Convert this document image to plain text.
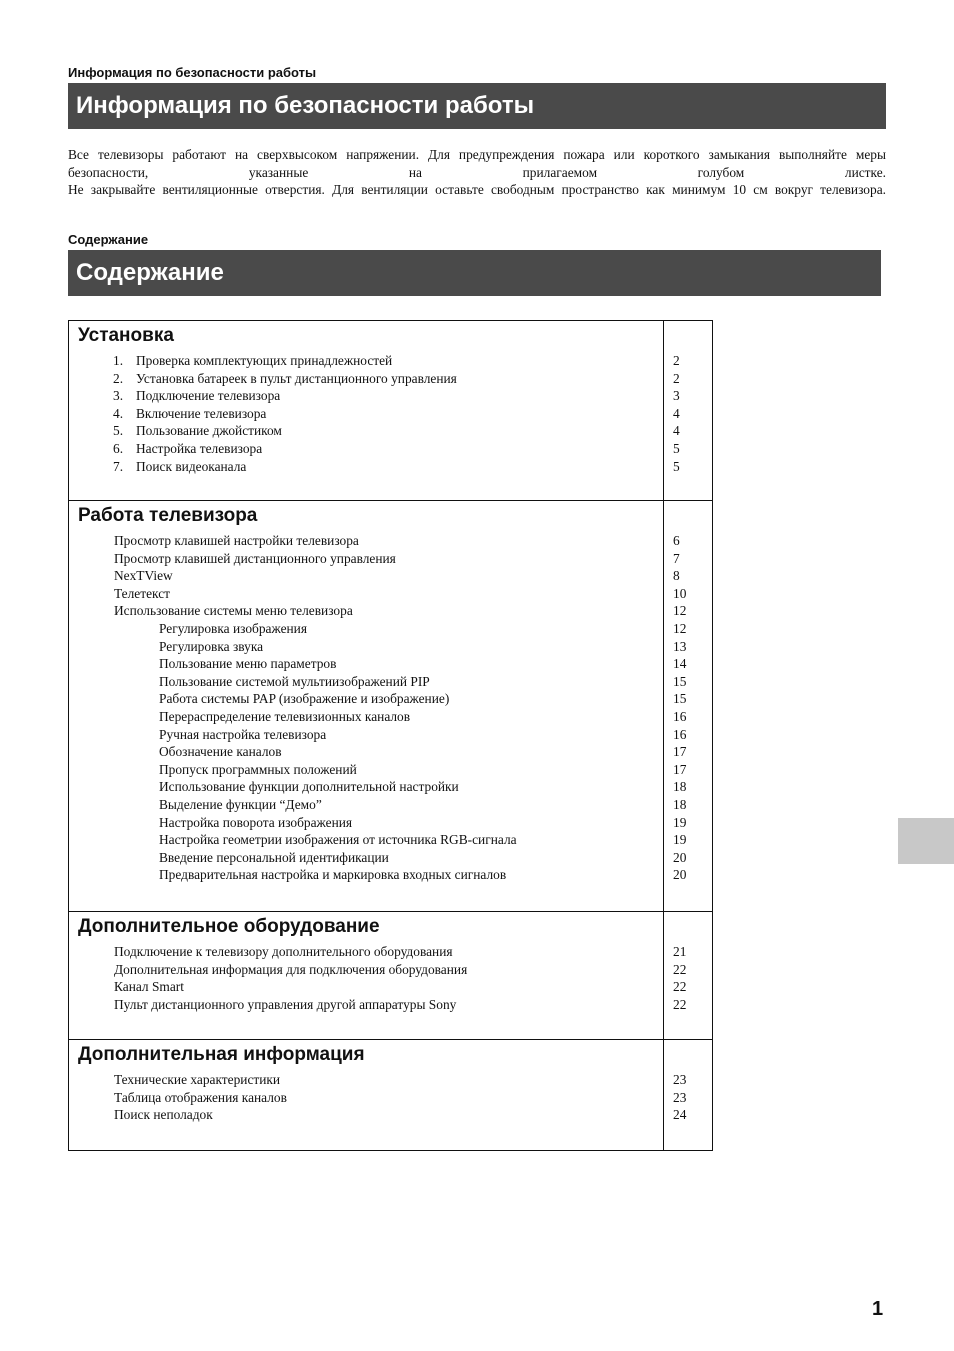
Информация по безопасности работы
Информация по безопасности работы

Все телевизоры работают на сверхвысоком напряжении. Для предупреждения пожара или короткого замыкания выполняйте меры безопасности, указанные на прилагаемом голубом листке.

Не закрывайте вентиляционные отверстия. Для вентиляции оставьте свободным пространство как минимум 10 см вокруг телевизора.

Содержание
Содержание
Установка
1. Проверка комплектующих принадлежностей	2
2. Установка батареек в пульт дистанционного управления	2
3. Подключение телевизора	3
4. Включение телевизора	4
5. Пользование джойстиком	4
6. Настройка телевизора	5
7. Поиск видеоканала	5
Работа телевизора
Просмотр клавишей настройки телевизора	6
Просмотр клавишей дистанционного управления	7
NexTView	8
Телетекст	10
Использование системы меню телевизора	12
Регулировка изображения	12
Регулировка звука	13
Пользование меню параметров	14
Пользование системой мультиизображений PIP	15
Работа системы PAP (изображение и изображение)	15
Перераспределение телевизионных каналов	16
Ручная настройка телевизора	16
Обозначение каналов	17
Пропуск программных положений	17
Использование функции дополнительной настройки	18
Выделение функции “Демо”	18
Настройка поворота изображения	19
Настройка геометрии изображения от источника RGB-сигнала	19
Введение персональной идентификации	20
Предварительная настройка и маркировка входных сигналов	20
Дополнительное оборудование
Подключение к телевизору дополнительного оборудования	21
Дополнительная информация для подключения оборудования	22
Канал Smart	22
Пульт дистанционного управления другой аппаратуры Sony	22
Дополнительная информация
Технические характеристики	23
Таблица отображения каналов	23
Поиск неполадок	24
1
